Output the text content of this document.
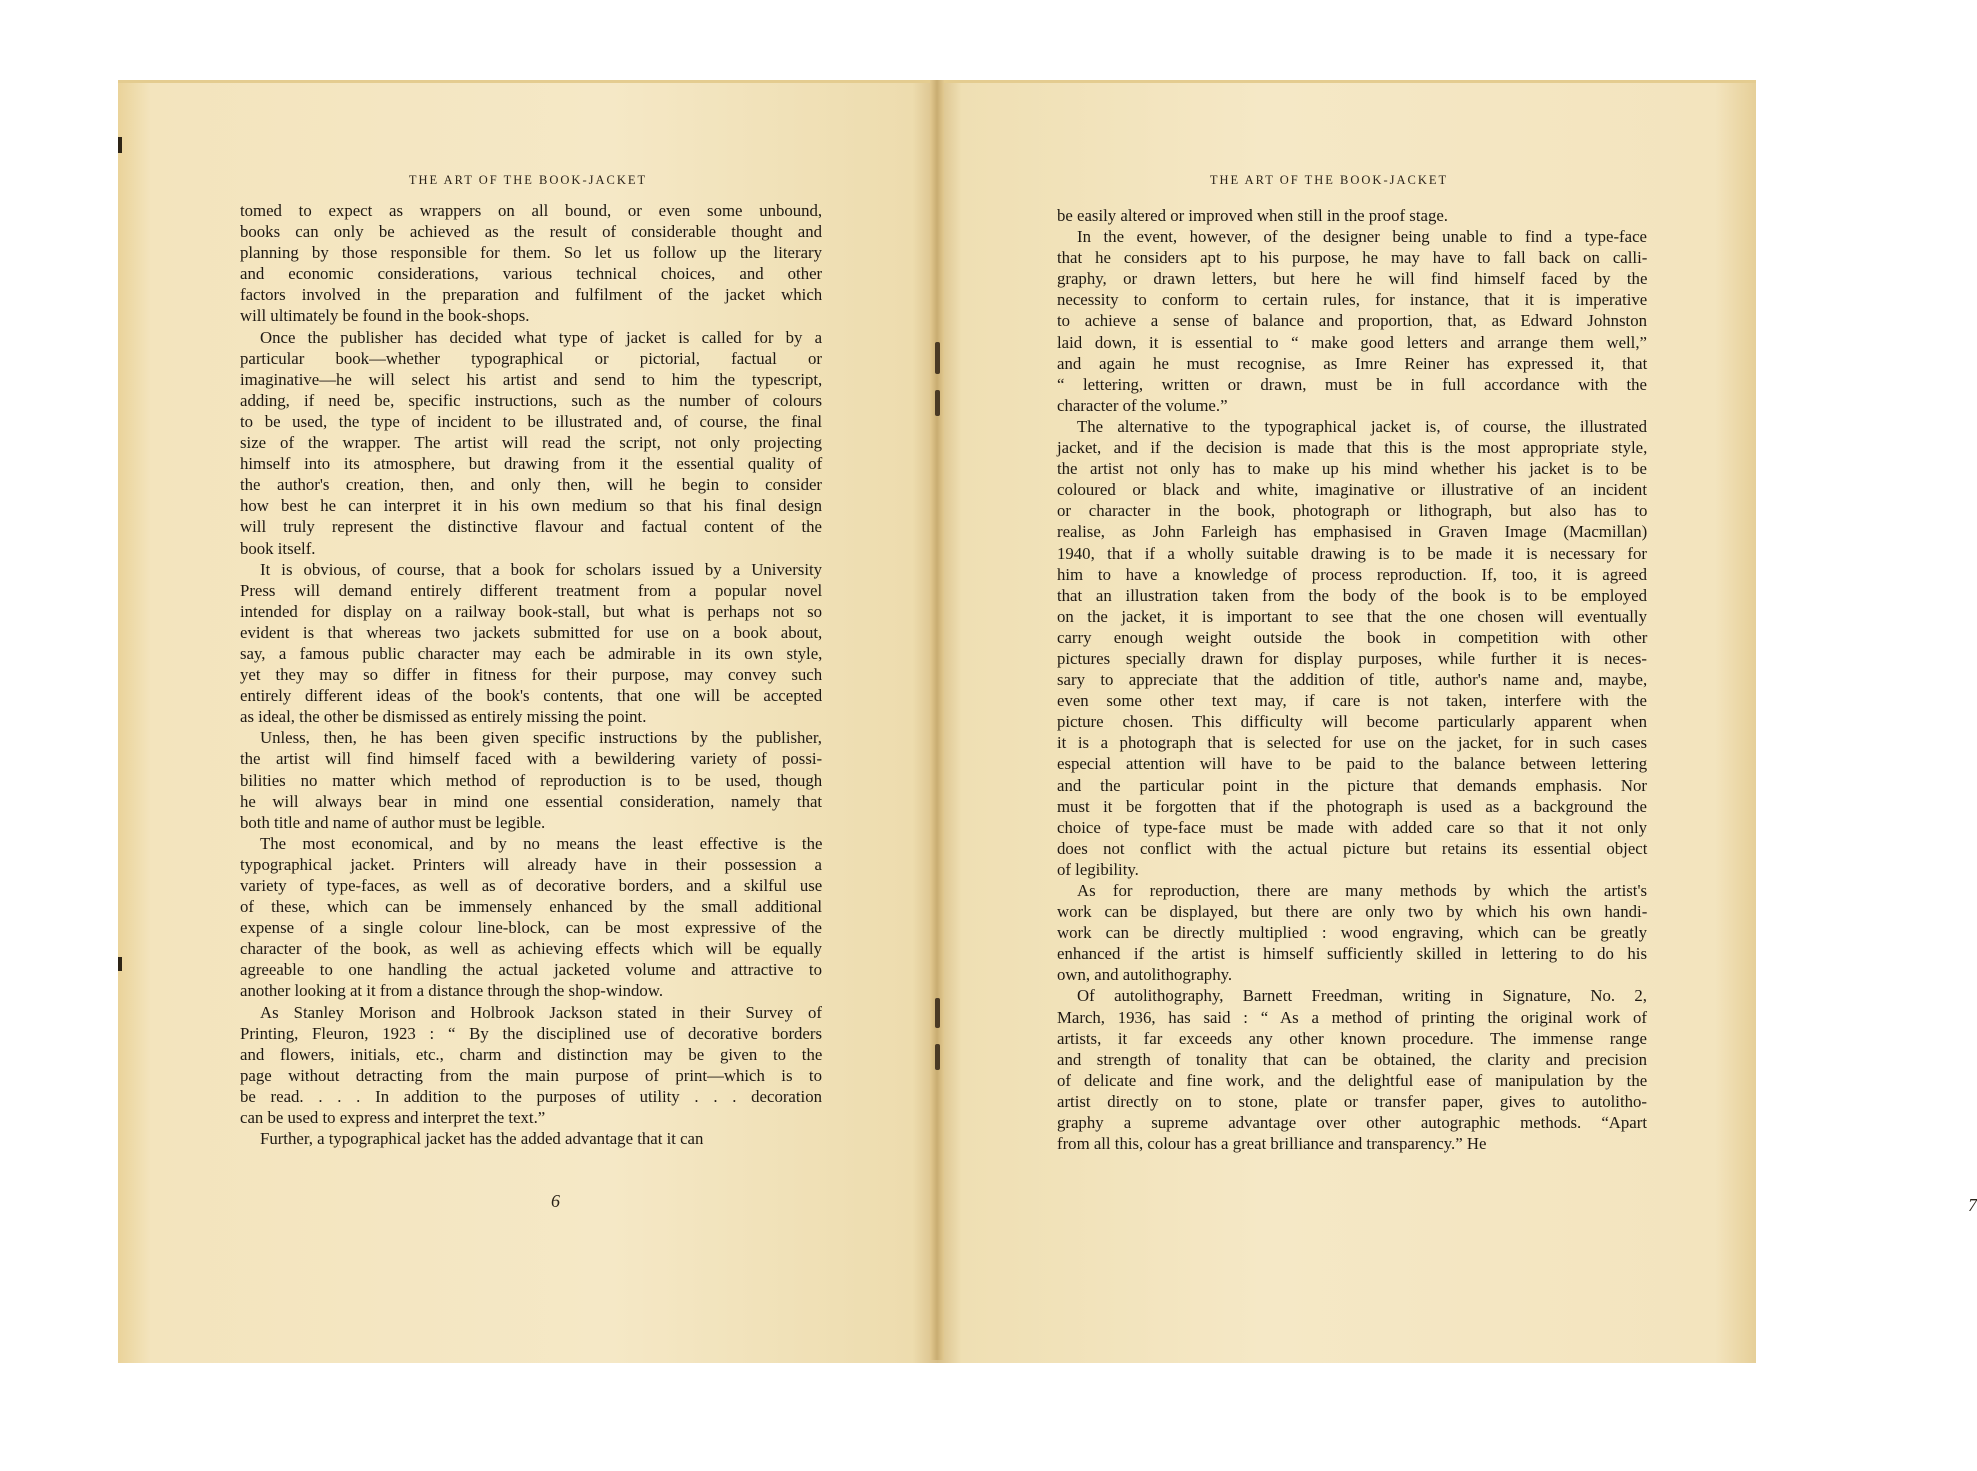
THE ART OF THE BOOK-JACKET
tomed to expect as wrappers on all bound, or even some unbound,
books can only be achieved as the result of considerable thought and
planning by those responsible for them. So let us follow up the literary
and economic considerations, various technical choices, and other
factors involved in the preparation and fulfilment of the jacket which
will ultimately be found in the book-shops.
Once the publisher has decided what type of jacket is called for by a
particular book—whether typographical or pictorial, factual or
imaginative—he will select his artist and send to him the typescript,
adding, if need be, specific instructions, such as the number of colours
to be used, the type of incident to be illustrated and, of course, the final
size of the wrapper. The artist will read the script, not only projecting
himself into its atmosphere, but drawing from it the essential quality of
the author's creation, then, and only then, will he begin to consider
how best he can interpret it in his own medium so that his final design
will truly represent the distinctive flavour and factual content of the
book itself.
It is obvious, of course, that a book for scholars issued by a University
Press will demand entirely different treatment from a popular novel
intended for display on a railway book-stall, but what is perhaps not so
evident is that whereas two jackets submitted for use on a book about,
say, a famous public character may each be admirable in its own style,
yet they may so differ in fitness for their purpose, may convey such
entirely different ideas of the book's contents, that one will be accepted
as ideal, the other be dismissed as entirely missing the point.
Unless, then, he has been given specific instructions by the publisher,
the artist will find himself faced with a bewildering variety of possi-
bilities no matter which method of reproduction is to be used, though
he will always bear in mind one essential consideration, namely that
both title and name of author must be legible.
The most economical, and by no means the least effective is the
typographical jacket. Printers will already have in their possession a
variety of type-faces, as well as of decorative borders, and a skilful use
of these, which can be immensely enhanced by the small additional
expense of a single colour line-block, can be most expressive of the
character of the book, as well as achieving effects which will be equally
agreeable to one handling the actual jacketed volume and attractive to
another looking at it from a distance through the shop-window.
As Stanley Morison and Holbrook Jackson stated in their Survey of
Printing, Fleuron, 1923 : “ By the disciplined use of decorative borders
and flowers, initials, etc., charm and distinction may be given to the
page without detracting from the main purpose of print—which is to
be read. . . . In addition to the purposes of utility . . . decoration
can be used to express and interpret the text.”
Further, a typographical jacket has the added advantage that it can
6
THE ART OF THE BOOK-JACKET
be easily altered or improved when still in the proof stage.
In the event, however, of the designer being unable to find a type-face
that he considers apt to his purpose, he may have to fall back on calli-
graphy, or drawn letters, but here he will find himself faced by the
necessity to conform to certain rules, for instance, that it is imperative
to achieve a sense of balance and proportion, that, as Edward Johnston
laid down, it is essential to “ make good letters and arrange them well,”
and again he must recognise, as Imre Reiner has expressed it, that
“ lettering, written or drawn, must be in full accordance with the
character of the volume.”
The alternative to the typographical jacket is, of course, the illustrated
jacket, and if the decision is made that this is the most appropriate style,
the artist not only has to make up his mind whether his jacket is to be
coloured or black and white, imaginative or illustrative of an incident
or character in the book, photograph or lithograph, but also has to
realise, as John Farleigh has emphasised in Graven Image (Macmillan)
1940, that if a wholly suitable drawing is to be made it is necessary for
him to have a knowledge of process reproduction. If, too, it is agreed
that an illustration taken from the body of the book is to be employed
on the jacket, it is important to see that the one chosen will eventually
carry enough weight outside the book in competition with other
pictures specially drawn for display purposes, while further it is neces-
sary to appreciate that the addition of title, author's name and, maybe,
even some other text may, if care is not taken, interfere with the
picture chosen. This difficulty will become particularly apparent when
it is a photograph that is selected for use on the jacket, for in such cases
especial attention will have to be paid to the balance between lettering
and the particular point in the picture that demands emphasis. Nor
must it be forgotten that if the photograph is used as a background the
choice of type-face must be made with added care so that it not only
does not conflict with the actual picture but retains its essential object
of legibility.
As for reproduction, there are many methods by which the artist's
work can be displayed, but there are only two by which his own handi-
work can be directly multiplied : wood engraving, which can be greatly
enhanced if the artist is himself sufficiently skilled in lettering to do his
own, and autolithography.
Of autolithography, Barnett Freedman, writing in Signature, No. 2,
March, 1936, has said : “ As a method of printing the original work of
artists, it far exceeds any other known procedure. The immense range
and strength of tonality that can be obtained, the clarity and precision
of delicate and fine work, and the delightful ease of manipulation by the
artist directly on to stone, plate or transfer paper, gives to autolitho-
graphy a supreme advantage over other autographic methods. “Apart
from all this, colour has a great brilliance and transparency.” He
7
